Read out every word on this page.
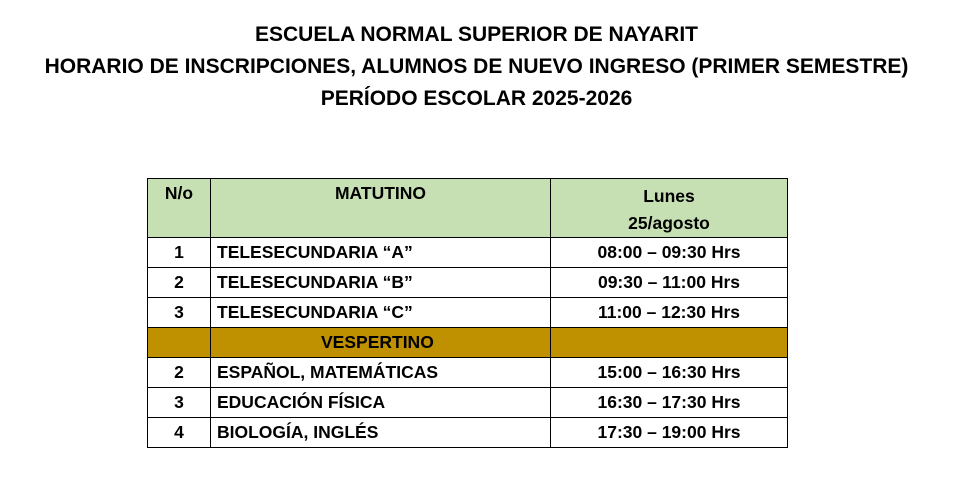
ESCUELA NORMAL SUPERIOR DE NAYARIT
HORARIO DE INSCRIPCIONES, ALUMNOS DE NUEVO INGRESO (PRIMER SEMESTRE)
PERÍODO ESCOLAR 2025-2026
N/o	MATUTINO	Lunes
25/agosto

1	TELESECUNDARIA “A”	08:00 – 09:30 Hrs
2	TELESECUNDARIA “B”	09:30 – 11:00 Hrs
3	TELESECUNDARIA “C”	11:00 – 12:30 Hrs
	VESPERTINO	
2	ESPAÑOL, MATEMÁTICAS	15:00 – 16:30 Hrs
3	EDUCACIÓN FÍSICA	16:30 – 17:30 Hrs
4	BIOLOGÍA, INGLÉS	17:30 – 19:00 Hrs
